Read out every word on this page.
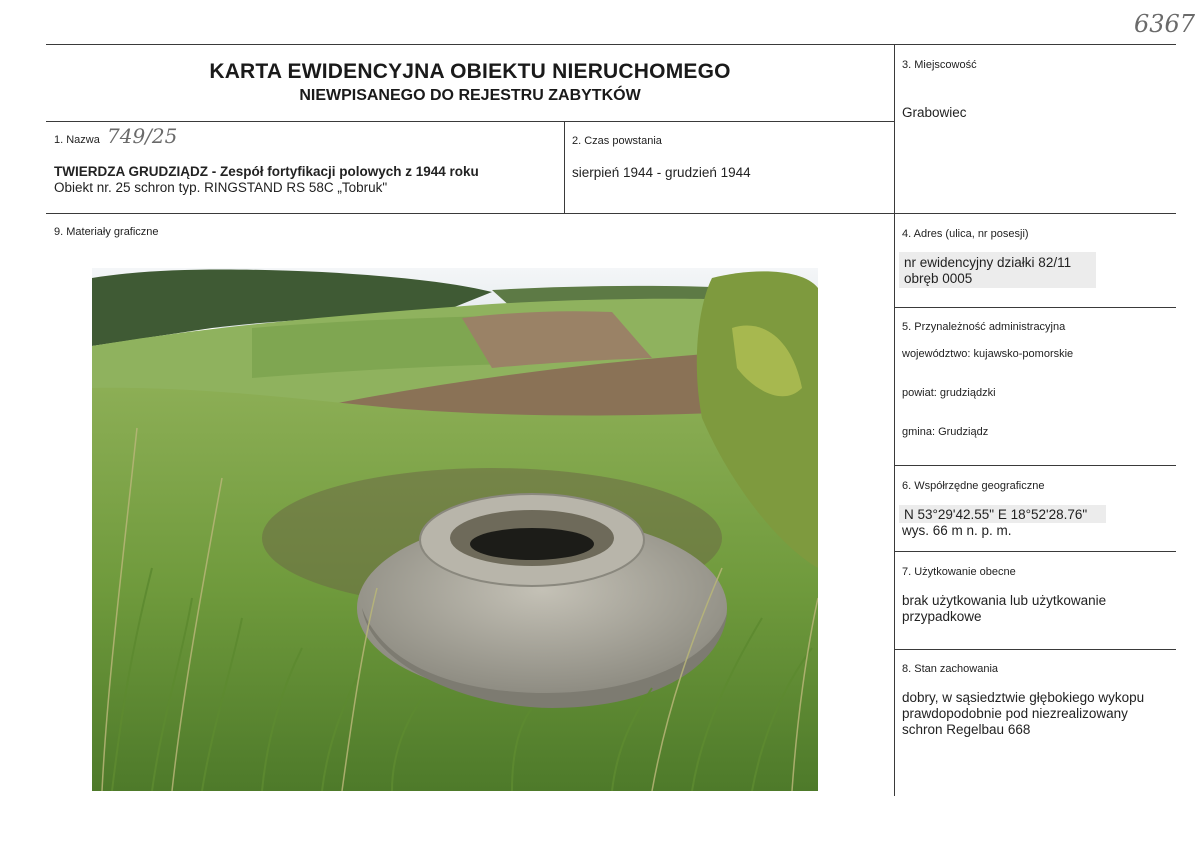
6367
KARTA EWIDENCYJNA OBIEKTU NIERUCHOMEGO
NIEWPISANEGO DO REJESTRU ZABYTKÓW
1. Nazwa 749/25
TWIERDZA GRUDZIĄDZ - Zespół fortyfikacji polowych z 1944 roku
Obiekt nr. 25 schron typ. RINGSTAND RS 58C „Tobruk"
2. Czas powstania
sierpień 1944 - grudzień 1944
3. Miejscowość
Grabowiec
4. Adres (ulica, nr posesji)
nr ewidencyjny działki 82/11
obręb 0005
5. Przynależność administracyjna
województwo: kujawsko-pomorskie
powiat: grudziądzki
gmina: Grudziądz
6. Współrzędne geograficzne
N 53°29'42.55" E 18°52'28.76"
wys. 66 m n. p. m.
7. Użytkowanie obecne
brak użytkowania lub użytkowanie
przypadkowe
8. Stan zachowania
dobry, w sąsiedztwie głębokiego wykopu
prawdopodobnie pod niezrealizowany
schron Regelbau 668
9. Materiały graficzne
